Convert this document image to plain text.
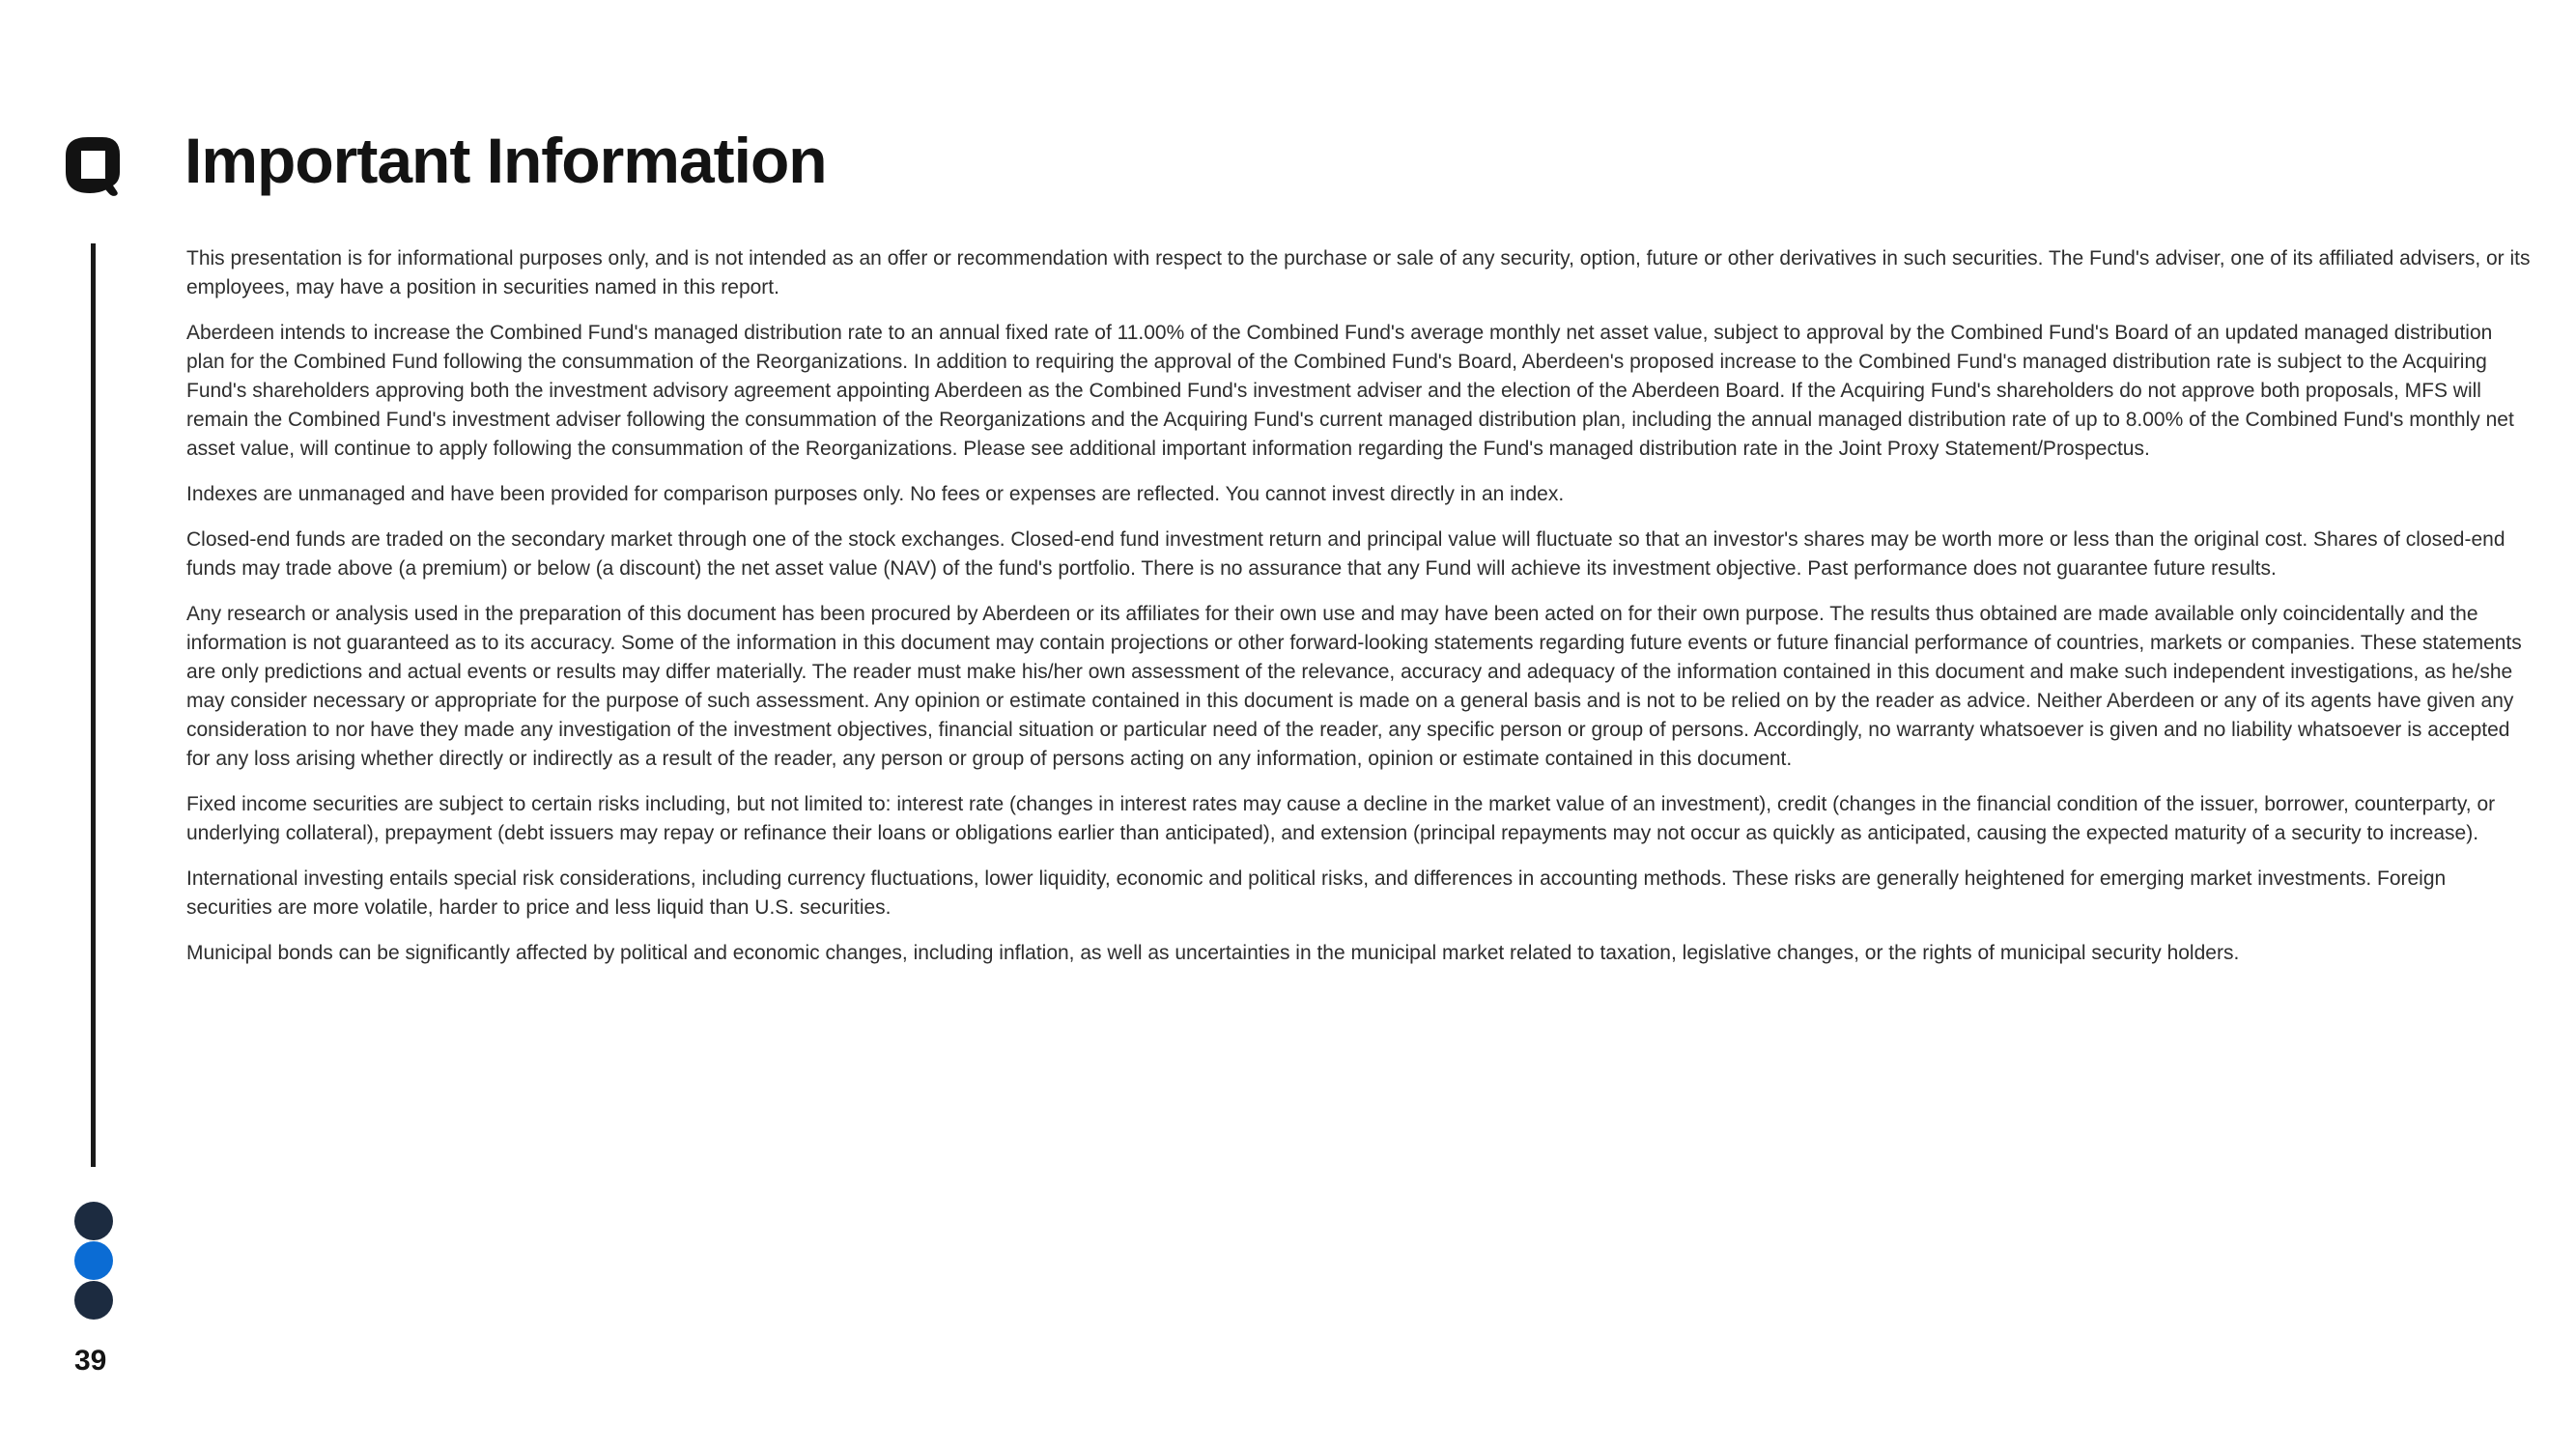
Important Information

This presentation is for informational purposes only, and is not intended as an offer or recommendation with respect to the purchase or sale of any security, option, future or other derivatives in such securities. The Fund's adviser, one of its affiliated advisers, or its employees, may have a position in securities named in this report.

Aberdeen intends to increase the Combined Fund's managed distribution rate to an annual fixed rate of 11.00% of the Combined Fund's average monthly net asset value, subject to approval by the Combined Fund's Board of an updated managed distribution plan for the Combined Fund following the consummation of the Reorganizations. In addition to requiring the approval of the Combined Fund's Board, Aberdeen's proposed increase to the Combined Fund's managed distribution rate is subject to the Acquiring Fund's shareholders approving both the investment advisory agreement appointing Aberdeen as the Combined Fund's investment adviser and the election of the Aberdeen Board. If the Acquiring Fund's shareholders do not approve both proposals, MFS will remain the Combined Fund's investment adviser following the consummation of the Reorganizations and the Acquiring Fund's current managed distribution plan, including the annual managed distribution rate of up to 8.00% of the Combined Fund's monthly net asset value, will continue to apply following the consummation of the Reorganizations. Please see additional important information regarding the Fund's managed distribution rate in the Joint Proxy Statement/Prospectus.

Indexes are unmanaged and have been provided for comparison purposes only. No fees or expenses are reflected. You cannot invest directly in an index.

Closed-end funds are traded on the secondary market through one of the stock exchanges. Closed-end fund investment return and principal value will fluctuate so that an investor's shares may be worth more or less than the original cost. Shares of closed-end funds may trade above (a premium) or below (a discount) the net asset value (NAV) of the fund's portfolio. There is no assurance that any Fund will achieve its investment objective. Past performance does not guarantee future results.

Any research or analysis used in the preparation of this document has been procured by Aberdeen or its affiliates for their own use and may have been acted on for their own purpose. The results thus obtained are made available only coincidentally and the information is not guaranteed as to its accuracy. Some of the information in this document may contain projections or other forward-looking statements regarding future events or future financial performance of countries, markets or companies. These statements are only predictions and actual events or results may differ materially. The reader must make his/her own assessment of the relevance, accuracy and adequacy of the information contained in this document and make such independent investigations, as he/she may consider necessary or appropriate for the purpose of such assessment. Any opinion or estimate contained in this document is made on a general basis and is not to be relied on by the reader as advice. Neither Aberdeen or any of its agents have given any consideration to nor have they made any investigation of the investment objectives, financial situation or particular need of the reader, any specific person or group of persons. Accordingly, no warranty whatsoever is given and no liability whatsoever is accepted for any loss arising whether directly or indirectly as a result of the reader, any person or group of persons acting on any information, opinion or estimate contained in this document.

Fixed income securities are subject to certain risks including, but not limited to: interest rate (changes in interest rates may cause a decline in the market value of an investment), credit (changes in the financial condition of the issuer, borrower, counterparty, or underlying collateral), prepayment (debt issuers may repay or refinance their loans or obligations earlier than anticipated), and extension (principal repayments may not occur as quickly as anticipated, causing the expected maturity of a security to increase).

International investing entails special risk considerations, including currency fluctuations, lower liquidity, economic and political risks, and differences in accounting methods. These risks are generally heightened for emerging market investments. Foreign securities are more volatile, harder to price and less liquid than U.S. securities.

Municipal bonds can be significantly affected by political and economic changes, including inflation, as well as uncertainties in the municipal market related to taxation, legislative changes, or the rights of municipal security holders.

39
